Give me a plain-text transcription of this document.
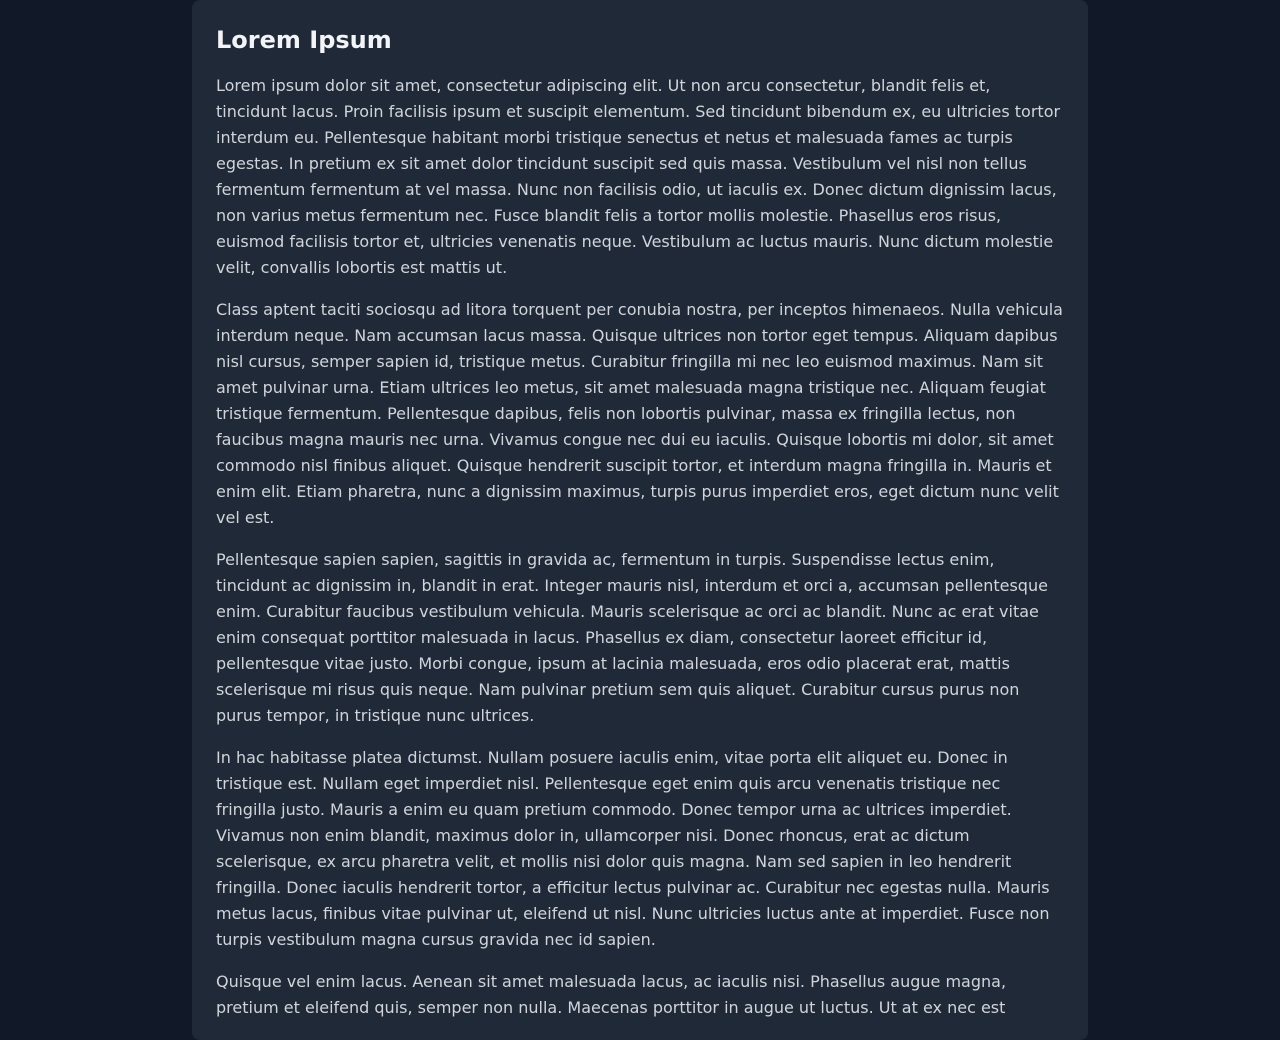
Lorem Ipsum

Lorem ipsum dolor sit amet, consectetur adipiscing elit. Ut non arcu consectetur, blandit felis et, tincidunt lacus. Proin facilisis ipsum et suscipit elementum. Sed tincidunt bibendum ex, eu ultricies tortor interdum eu. Pellentesque habitant morbi tristique senectus et netus et malesuada fames ac turpis egestas. In pretium ex sit amet dolor tincidunt suscipit sed quis massa. Vestibulum vel nisl non tellus fermentum fermentum at vel massa. Nunc non facilisis odio, ut iaculis ex. Donec dictum dignissim lacus, non varius metus fermentum nec. Fusce blandit felis a tortor mollis molestie. Phasellus eros risus, euismod facilisis tortor et, ultricies venenatis neque. Vestibulum ac luctus mauris. Nunc dictum molestie velit, convallis lobortis est mattis ut.

Class aptent taciti sociosqu ad litora torquent per conubia nostra, per inceptos himenaeos. Nulla vehicula interdum neque. Nam accumsan lacus massa. Quisque ultrices non tortor eget tempus. Aliquam dapibus nisl cursus, semper sapien id, tristique metus. Curabitur fringilla mi nec leo euismod maximus. Nam sit amet pulvinar urna. Etiam ultrices leo metus, sit amet malesuada magna tristique nec. Aliquam feugiat tristique fermentum. Pellentesque dapibus, felis non lobortis pulvinar, massa ex fringilla lectus, non faucibus magna mauris nec urna. Vivamus congue nec dui eu iaculis. Quisque lobortis mi dolor, sit amet commodo nisl finibus aliquet. Quisque hendrerit suscipit tortor, et interdum magna fringilla in. Mauris et enim elit. Etiam pharetra, nunc a dignissim maximus, turpis purus imperdiet eros, eget dictum nunc velit vel est.

Pellentesque sapien sapien, sagittis in gravida ac, fermentum in turpis. Suspendisse lectus enim, tincidunt ac dignissim in, blandit in erat. Integer mauris nisl, interdum et orci a, accumsan pellentesque enim. Curabitur faucibus vestibulum vehicula. Mauris scelerisque ac orci ac blandit. Nunc ac erat vitae enim consequat porttitor malesuada in lacus. Phasellus ex diam, consectetur laoreet efficitur id, pellentesque vitae justo. Morbi congue, ipsum at lacinia malesuada, eros odio placerat erat, mattis scelerisque mi risus quis neque. Nam pulvinar pretium sem quis aliquet. Curabitur cursus purus non purus tempor, in tristique nunc ultrices.

In hac habitasse platea dictumst. Nullam posuere iaculis enim, vitae porta elit aliquet eu. Donec in tristique est. Nullam eget imperdiet nisl. Pellentesque eget enim quis arcu venenatis tristique nec fringilla justo. Mauris a enim eu quam pretium commodo. Donec tempor urna ac ultrices imperdiet. Vivamus non enim blandit, maximus dolor in, ullamcorper nisi. Donec rhoncus, erat ac dictum scelerisque, ex arcu pharetra velit, et mollis nisi dolor quis magna. Nam sed sapien in leo hendrerit fringilla. Donec iaculis hendrerit tortor, a efficitur lectus pulvinar ac. Curabitur nec egestas nulla. Mauris metus lacus, finibus vitae pulvinar ut, eleifend ut nisl. Nunc ultricies luctus ante at imperdiet. Fusce non turpis vestibulum magna cursus gravida nec id sapien.

Quisque vel enim lacus. Aenean sit amet malesuada lacus, ac iaculis nisi. Phasellus augue magna, pretium et eleifend quis, semper non nulla. Maecenas porttitor in augue ut luctus. Ut at ex nec est
